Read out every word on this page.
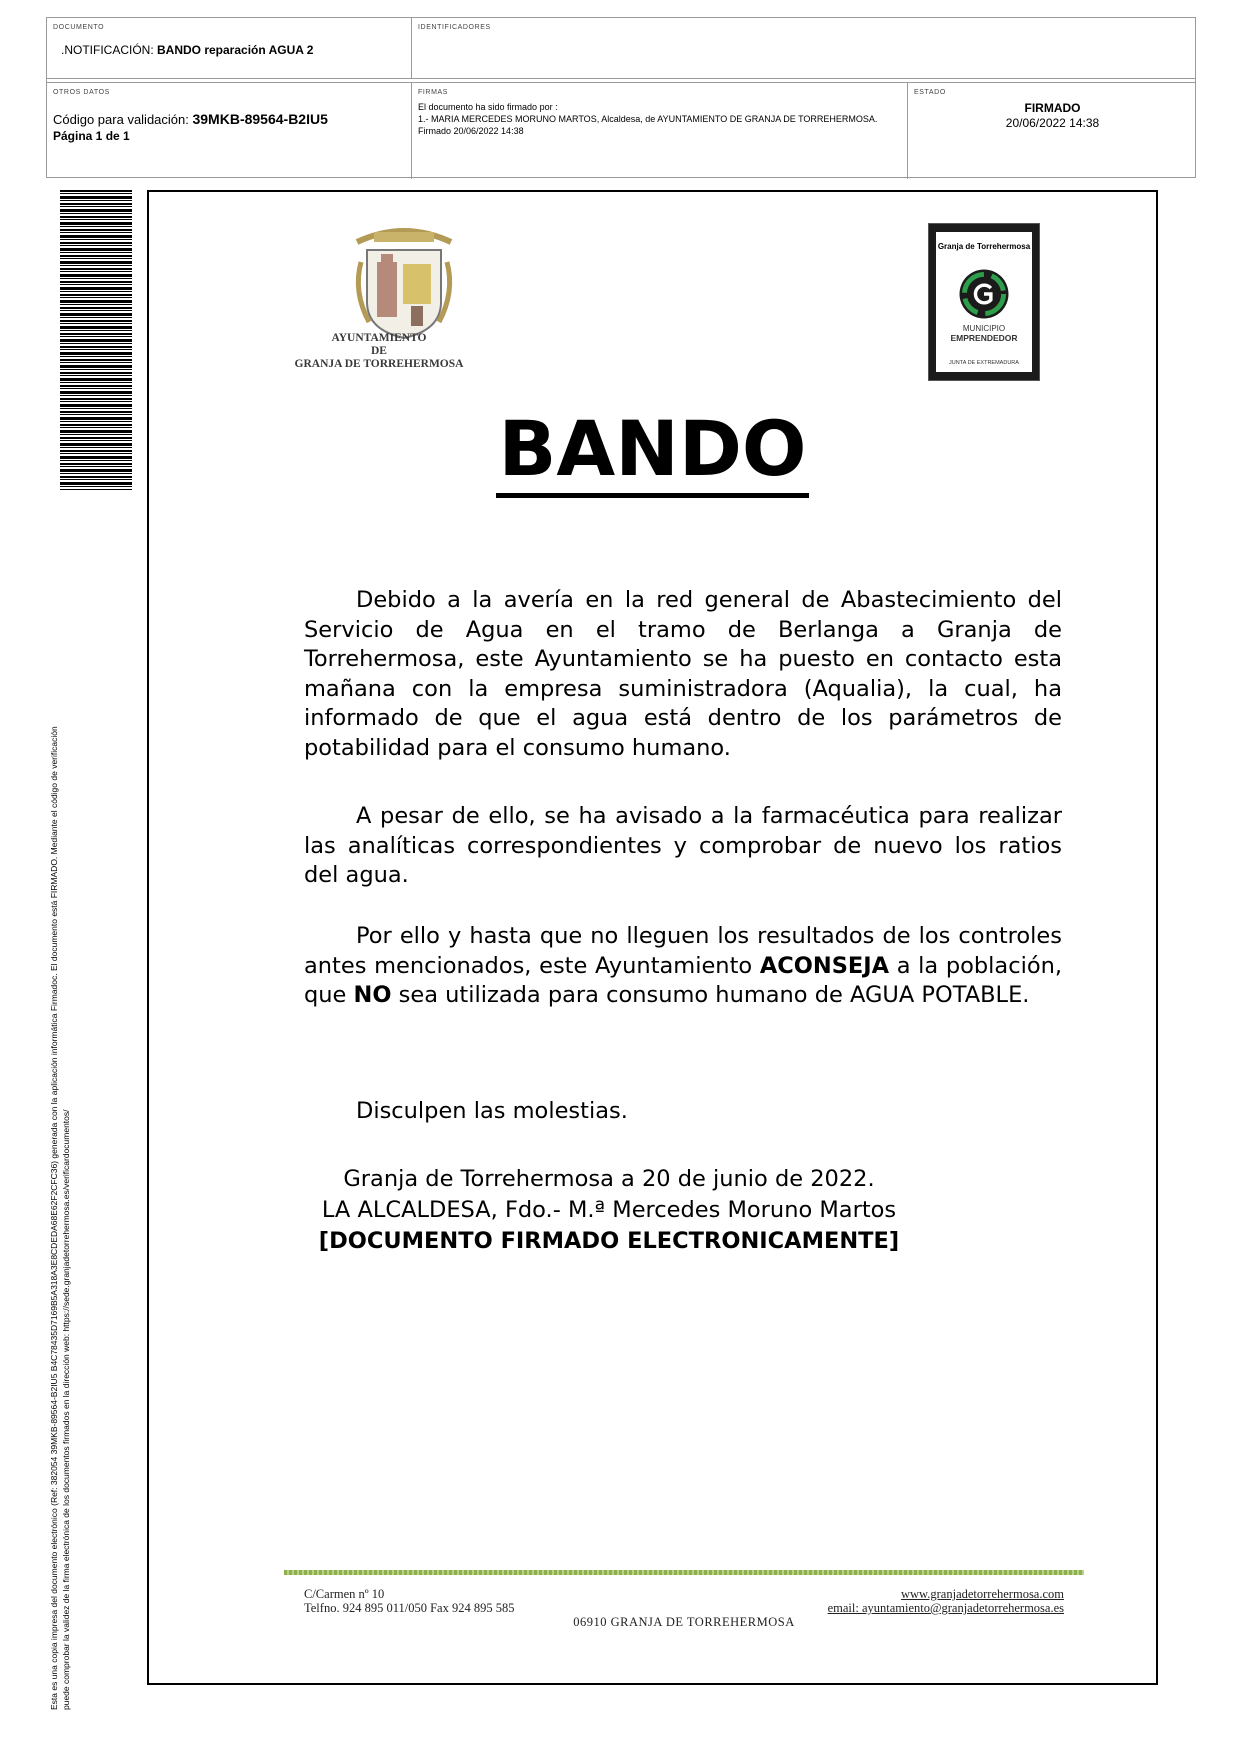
DOCUMENTO
.NOTIFICACIÓN: BANDO reparación AGUA 2
IDENTIFICADORES
OTROS DATOS
Código para validación: 39MKB-89564-B2IU5
Página 1 de 1
FIRMAS
El documento ha sido firmado por :
1.- MARIA MERCEDES MORUNO MARTOS, Alcaldesa, de AYUNTAMIENTO DE GRANJA DE TORREHERMOSA.
Firmado 20/06/2022 14:38
ESTADO
FIRMADO
20/06/2022 14:38
Esta es una copia impresa del documento electrónico (Ref: 382054 39MKB-89564-B2IU5 B4C78435D7169B5A318A3E8CDEDA68E62F2CFC36) generada con la aplicación informática Firmadoc. El documento está FIRMADO. Mediante el código de verificación puede comprobar la validez de la firma electrónica de los documentos firmados en la dirección web: https://sede.granjadetorrehermosa.es/verificardocumentos/
AYUNTAMIENTO
DE
GRANJA DE TORREHERMOSA
Granja de Torrehermosa
MUNICIPIO
EMPRENDEDOR
JUNTA DE EXTREMADURA
BANDO

Debido a la avería en la red general de Abastecimiento del Servicio de Agua en el tramo de Berlanga a Granja de Torrehermosa, este Ayuntamiento se ha puesto en contacto esta mañana con la empresa suministradora (Aqualia), la cual, ha informado de que el agua está dentro de los parámetros de potabilidad para el consumo humano.

A pesar de ello, se ha avisado a la farmacéutica para realizar las analíticas correspondientes y comprobar de nuevo los ratios del agua.

Por ello y hasta que no lleguen los resultados de los controles antes mencionados, este Ayuntamiento ACONSEJA a la población, que NO sea utilizada para consumo humano de AGUA POTABLE.

Disculpen las molestias.

Granja de Torrehermosa a 20 de junio de 2022.
LA ALCALDESA, Fdo.- M.ª Mercedes Moruno Martos
[DOCUMENTO FIRMADO ELECTRONICAMENTE]
C/Carmen nº 10	www.granjadetorrehermosa.com
Telfno. 924 895 011/050 Fax 924 895 585	email: ayuntamiento@granjadetorrehermosa.es
06910 GRANJA DE TORREHERMOSA
